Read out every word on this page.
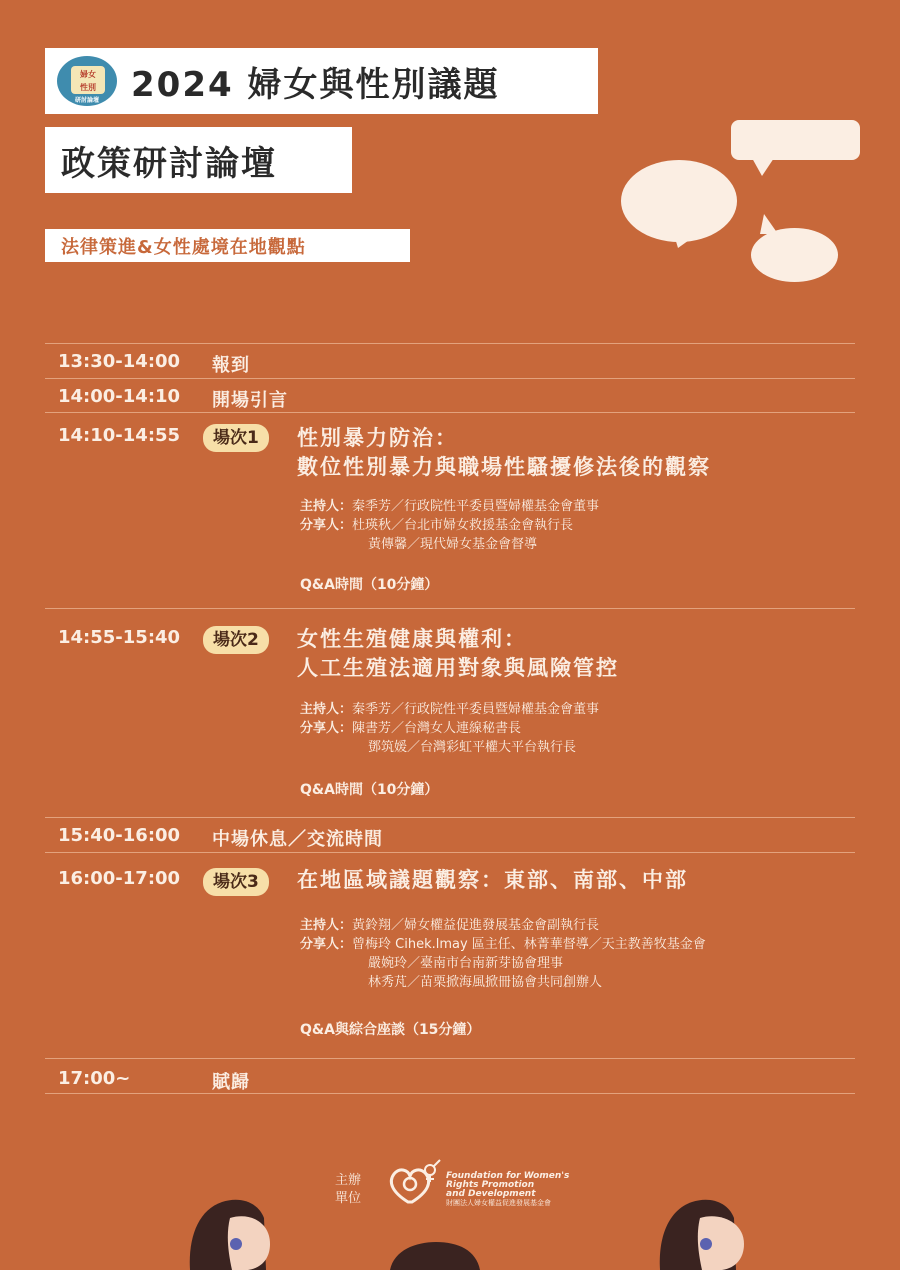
婦女
性別
研討論壇 2024 婦女與性別議題
政策研討論壇
法律策進&女性處境在地觀點
13:30-14:00 報到
14:00-14:10 開場引言
14:10-14:55	場次1	性別暴力防治：
數位性別暴力與職場性騷擾修法後的觀察
主持人：秦季芳／行政院性平委員暨婦權基金會董事
分享人：杜瑛秋／台北市婦女救援基金會執行長
黃傳馨／現代婦女基金會督導
Q&A時間（10分鐘）
14:55-15:40	場次2	女性生殖健康與權利：
人工生殖法適用對象與風險管控
主持人：秦季芳／行政院性平委員暨婦權基金會董事
分享人：陳書芳／台灣女人連線秘書長
鄧筑媛／台灣彩虹平權大平台執行長
Q&A時間（10分鐘）
15:40-16:00 中場休息／交流時間
16:00-17:00	場次3	在地區域議題觀察：東部、南部、中部
主持人：黃鈴翔／婦女權益促進發展基金會副執行長
分享人：曾梅玲 Cihek.lmay 區主任、林菁華督導／天主教善牧基金會
嚴婉玲／臺南市台南新芽協會理事
林秀芃／苗栗掀海風掀冊協會共同創辦人
Q&A與綜合座談（15分鐘）
17:00~	賦歸
主辦
單位
Foundation for Women's
Rights Promotion
and Development
財團法人婦女權益促進發展基金會
